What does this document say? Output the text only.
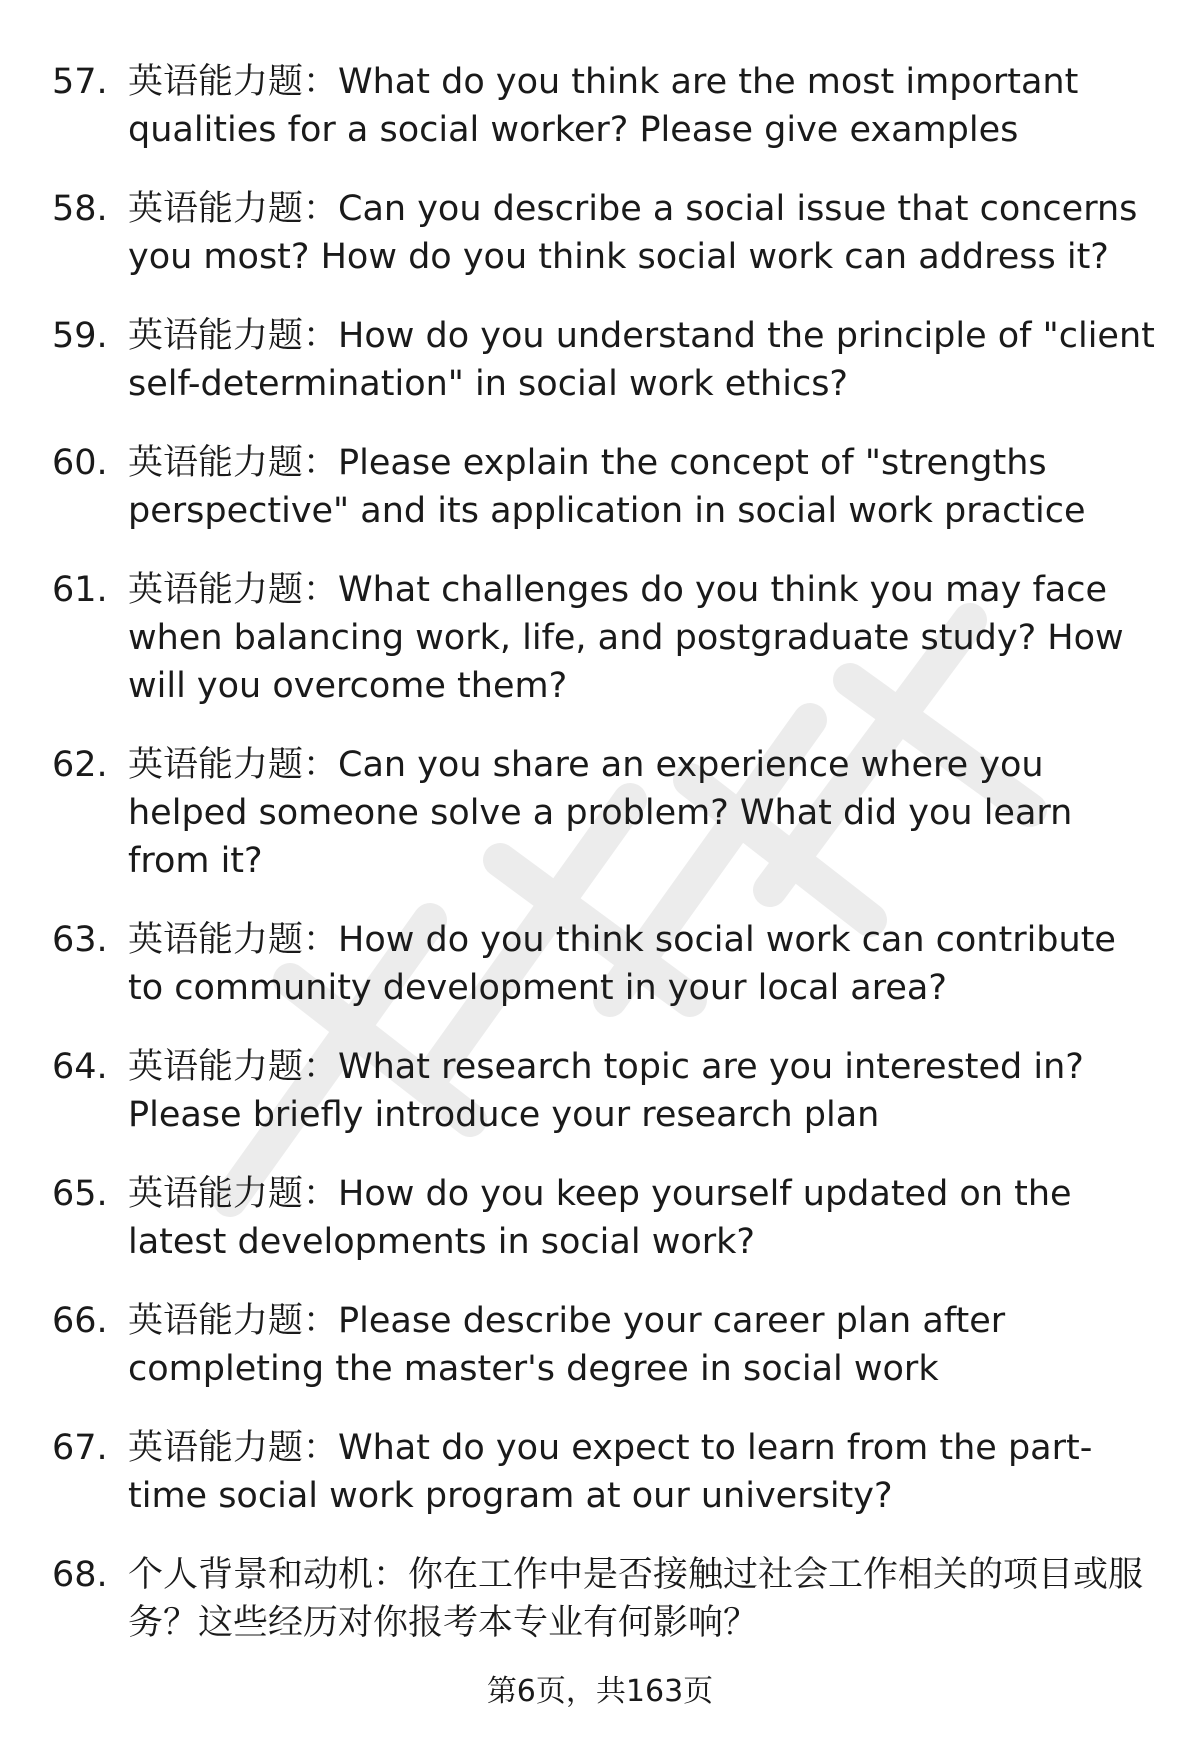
57. 英语能力题：What do you think are the most important qualities for a social worker? Please give examples
58. 英语能力题：Can you describe a social issue that concerns you most? How do you think social work can address it?
59. 英语能力题：How do you understand the principle of "client self-determination" in social work ethics?
60. 英语能力题：Please explain the concept of "strengths perspective" and its application in social work practice
61. 英语能力题：What challenges do you think you may face when balancing work, life, and postgraduate study? How will you overcome them?
62. 英语能力题：Can you share an experience where you helped someone solve a problem? What did you learn from it?
63. 英语能力题：How do you think social work can contribute to community development in your local area?
64. 英语能力题：What research topic are you interested in? Please briefly introduce your research plan
65. 英语能力题：How do you keep yourself updated on the latest developments in social work?
66. 英语能力题：Please describe your career plan after completing the master's degree in social work
67. 英语能力题：What do you expect to learn from the part-time social work program at our university?
68. 个人背景和动机：你在工作中是否接触过社会工作相关的项目或服务？这些经历对你报考本专业有何影响？
第6页，共163页
